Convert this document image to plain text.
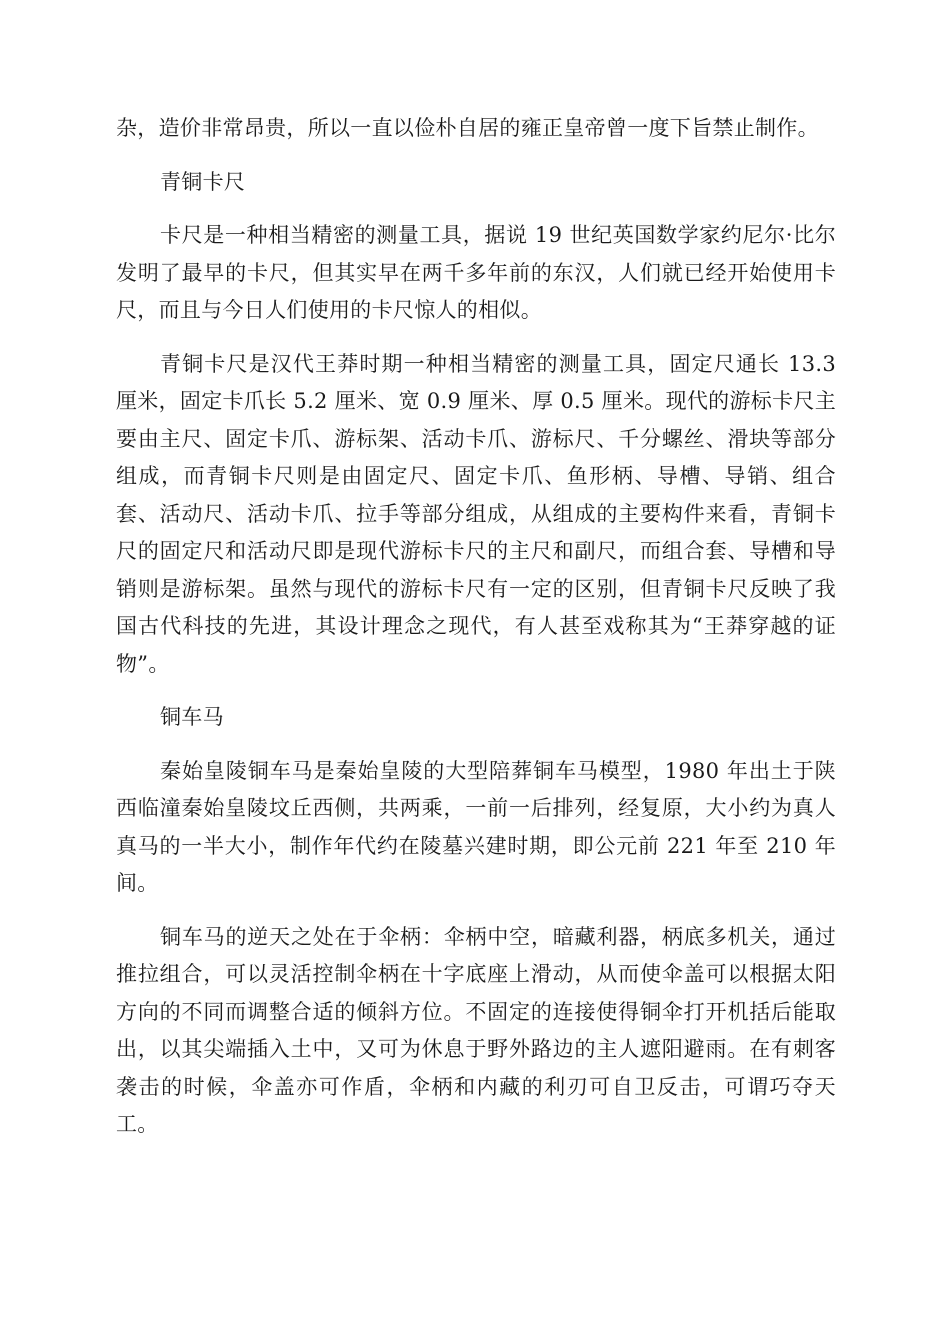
杂，造价非常昂贵，所以一直以俭朴自居的雍正皇帝曾一度下旨禁止制作。

青铜卡尺

卡尺是一种相当精密的测量工具，据说 19 世纪英国数学家约尼尔·比尔发明了最早的卡尺，但其实早在两千多年前的东汉，人们就已经开始使用卡尺，而且与今日人们使用的卡尺惊人的相似。

青铜卡尺是汉代王莽时期一种相当精密的测量工具，固定尺通长 13.3 厘米，固定卡爪长 5.2 厘米、宽 0.9 厘米、厚 0.5 厘米。现代的游标卡尺主要由主尺、固定卡爪、游标架、活动卡爪、游标尺、千分螺丝、滑块等部分组成，而青铜卡尺则是由固定尺、固定卡爪、鱼形柄、导槽、导销、组合套、活动尺、活动卡爪、拉手等部分组成，从组成的主要构件来看，青铜卡尺的固定尺和活动尺即是现代游标卡尺的主尺和副尺，而组合套、导槽和导销则是游标架。虽然与现代的游标卡尺有一定的区别，但青铜卡尺反映了我国古代科技的先进，其设计理念之现代，有人甚至戏称其为“王莽穿越的证物”。

铜车马

秦始皇陵铜车马是秦始皇陵的大型陪葬铜车马模型，1980 年出土于陕西临潼秦始皇陵坟丘西侧，共两乘，一前一后排列，经复原，大小约为真人真马的一半大小，制作年代约在陵墓兴建时期，即公元前 221 年至 210 年间。

铜车马的逆天之处在于伞柄：伞柄中空，暗藏利器，柄底多机关，通过推拉组合，可以灵活控制伞柄在十字底座上滑动，从而使伞盖可以根据太阳方向的不同而调整合适的倾斜方位。不固定的连接使得铜伞打开机括后能取出，以其尖端插入土中，又可为休息于野外路边的主人遮阳避雨。在有刺客袭击的时候，伞盖亦可作盾，伞柄和内藏的利刃可自卫反击，可谓巧夺天工。
